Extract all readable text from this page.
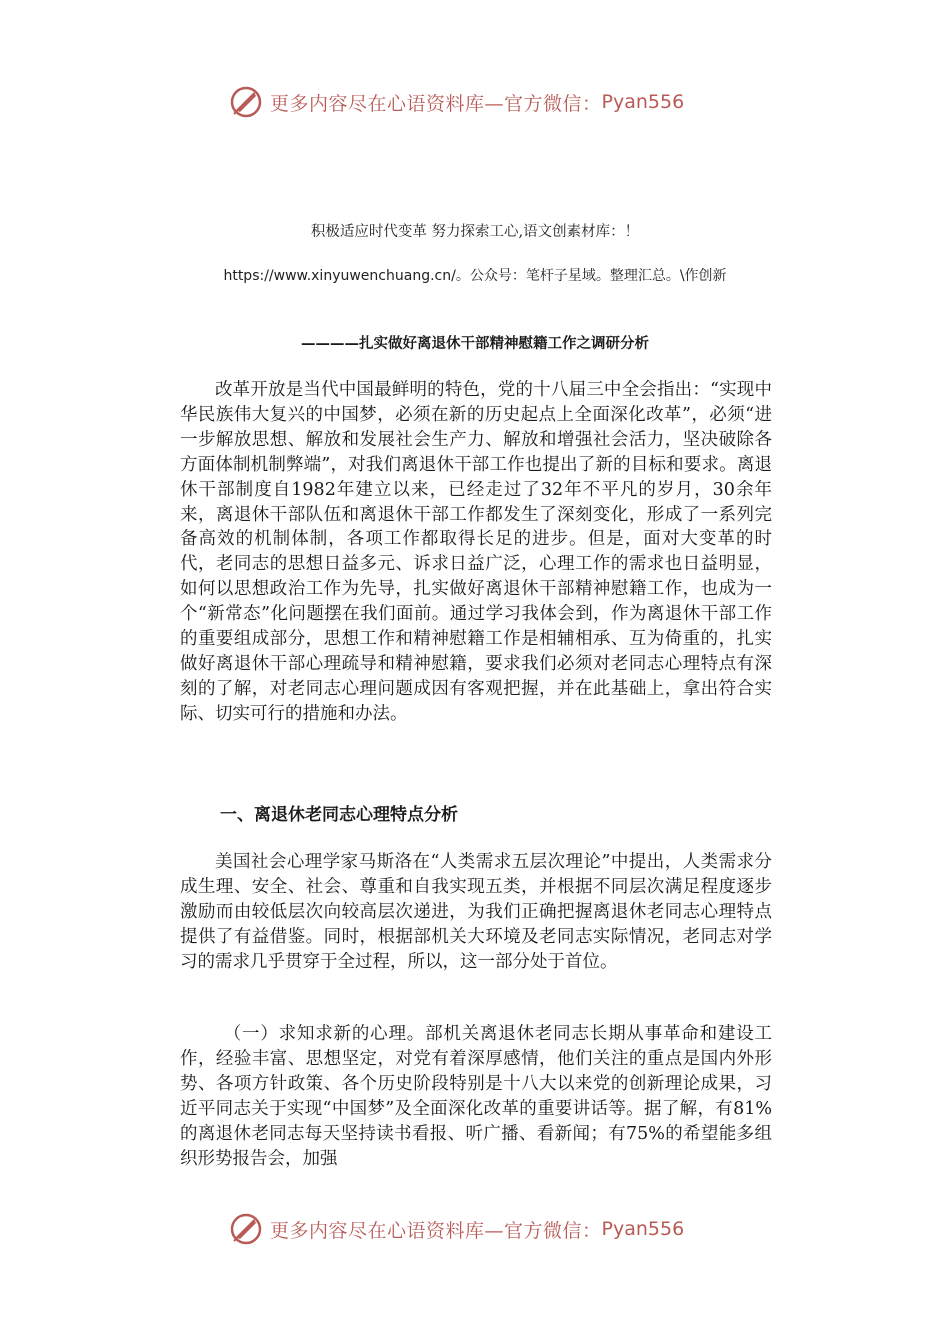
更多内容尽在心语资料库—官方微信： Pyan556
积极适应时代变革 努力探索工心,语文创素材库：！
https://www.xinyuwenchuang.cn/。公众号：笔杆子星域。整理汇总。\作创新
————扎实做好离退休干部精神慰籍工作之调研分析

改革开放是当代中国最鲜明的特色，党的十八届三中全会指出：“实现中华民族伟大复兴的中国梦，必须在新的历史起点上全面深化改革”，必须“进一步解放思想、解放和发展社会生产力、解放和增强社会活力，坚决破除各方面体制机制弊端”，对我们离退休干部工作也提出了新的目标和要求。离退休干部制度自1982年建立以来，已经走过了32年不平凡的岁月，30余年来，离退休干部队伍和离退休干部工作都发生了深刻变化，形成了一系列完备高效的机制体制，各项工作都取得长足的进步。但是，面对大变革的时代，老同志的思想日益多元、诉求日益广泛，心理工作的需求也日益明显，如何以思想政治工作为先导，扎实做好离退休干部精神慰籍工作，也成为一个“新常态”化问题摆在我们面前。通过学习我体会到，作为离退休干部工作的重要组成部分，思想工作和精神慰籍工作是相辅相承、互为倚重的，扎实做好离退休干部心理疏导和精神慰籍，要求我们必须对老同志心理特点有深刻的了解，对老同志心理问题成因有客观把握，并在此基础上，拿出符合实际、切实可行的措施和办法。

一、离退休老同志心理特点分析

美国社会心理学家马斯洛在“人类需求五层次理论”中提出，人类需求分成生理、安全、社会、尊重和自我实现五类，并根据不同层次满足程度逐步激励而由较低层次向较高层次递进，为我们正确把握离退休老同志心理特点提供了有益借鉴。同时，根据部机关大环境及老同志实际情况，老同志对学习的需求几乎贯穿于全过程，所以，这一部分处于首位。

（一）求知求新的心理。部机关离退休老同志长期从事革命和建设工作，经验丰富、思想坚定，对党有着深厚感情，他们关注的重点是国内外形势、各项方针政策、各个历史阶段特别是十八大以来党的创新理论成果，习近平同志关于实现“中国梦”及全面深化改革的重要讲话等。据了解，有81%的离退休老同志每天坚持读书看报、听广播、看新闻；有75%的希望能多组织形势报告会，加强

更多内容尽在心语资料库—官方微信： Pyan556
